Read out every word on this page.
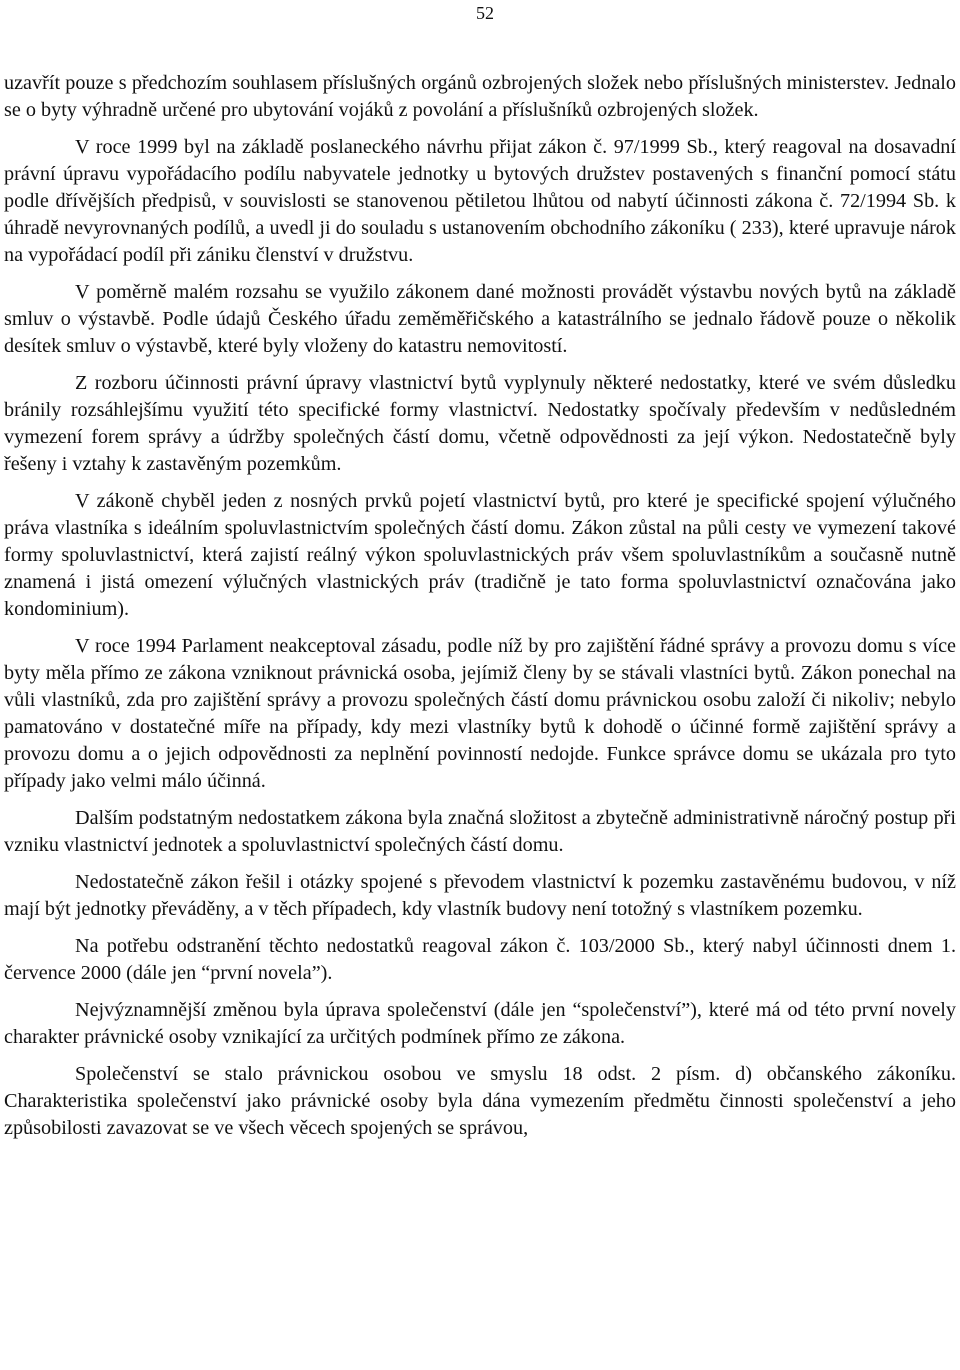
52

uzavřít pouze s předchozím souhlasem příslušných orgánů ozbrojených složek nebo příslušných ministerstev. Jednalo se o byty výhradně určené pro ubytování vojáků z povolání a příslušníků ozbrojených složek.

V roce 1999 byl na základě poslaneckého návrhu přijat zákon č. 97/1999 Sb., který reagoval na dosavadní právní úpravu vypořádacího podílu nabyvatele jednotky u bytových družstev postavených s finanční pomocí státu podle dřívějších předpisů, v souvislosti se stanovenou pětiletou lhůtou od nabytí účinnosti zákona č. 72/1994 Sb. k úhradě nevyrovnaných podílů, a uvedl ji do souladu s ustanovením obchodního zákoníku ( 233), které upravuje nárok na vypořádací podíl při zániku členství v družstvu.

V poměrně malém rozsahu se využilo zákonem dané možnosti provádět výstavbu nových bytů na základě smluv o výstavbě. Podle údajů Českého úřadu zeměměřičského a katastrálního se jednalo řádově pouze o několik desítek smluv o výstavbě, které byly vloženy do katastru nemovitostí.

Z rozboru účinnosti právní úpravy vlastnictví bytů vyplynuly některé nedostatky, které ve svém důsledku bránily rozsáhlejšímu využití této specifické formy vlastnictví. Nedostatky spočívaly především v nedůsledném vymezení forem správy a údržby společných částí domu, včetně odpovědnosti za její výkon. Nedostatečně byly řešeny i vztahy k zastavěným pozemkům.

V zákoně chyběl jeden z nosných prvků pojetí vlastnictví bytů, pro které je specifické spojení výlučného práva vlastníka s ideálním spoluvlastnictvím společných částí domu. Zákon zůstal na půli cesty ve vymezení takové formy spoluvlastnictví, která zajistí reálný výkon spoluvlastnických práv všem spoluvlastníkům a současně nutně znamená i jistá omezení výlučných vlastnických práv (tradičně je tato forma spoluvlastnictví označována jako kondominium).

V roce 1994 Parlament neakceptoval zásadu, podle níž by pro zajištění řádné správy a provozu domu s více byty měla přímo ze zákona vzniknout právnická osoba, jejímiž členy by se stávali vlastníci bytů. Zákon ponechal na vůli vlastníků, zda pro zajištění správy a provozu společných částí domu právnickou osobu založí či nikoliv; nebylo pamatováno v dostatečné míře na případy, kdy mezi vlastníky bytů k dohodě o účinné formě zajištění správy a provozu domu a o jejich odpovědnosti za neplnění povinností nedojde. Funkce správce domu se ukázala pro tyto případy jako velmi málo účinná.

Dalším podstatným nedostatkem zákona byla značná složitost a zbytečně administrativně náročný postup při vzniku vlastnictví jednotek a spoluvlastnictví společných částí domu.

Nedostatečně zákon řešil i otázky spojené s převodem vlastnictví k pozemku zastavěnému budovou, v níž mají být jednotky převáděny, a v těch případech, kdy vlastník budovy není totožný s vlastníkem pozemku.

Na potřebu odstranění těchto nedostatků reagoval zákon č. 103/2000 Sb., který nabyl účinnosti dnem 1. července 2000 (dále jen “první novela”).

Nejvýznamnější změnou byla úprava společenství (dále jen “společenství”), které má od této první novely charakter právnické osoby vznikající za určitých podmínek přímo ze zákona.

Společenství se stalo právnickou osobou ve smyslu 18 odst. 2 písm. d) občanského zákoníku. Charakteristika společenství jako právnické osoby byla dána vymezením předmětu činnosti společenství a jeho způsobilosti zavazovat se ve všech věcech spojených se správou,
